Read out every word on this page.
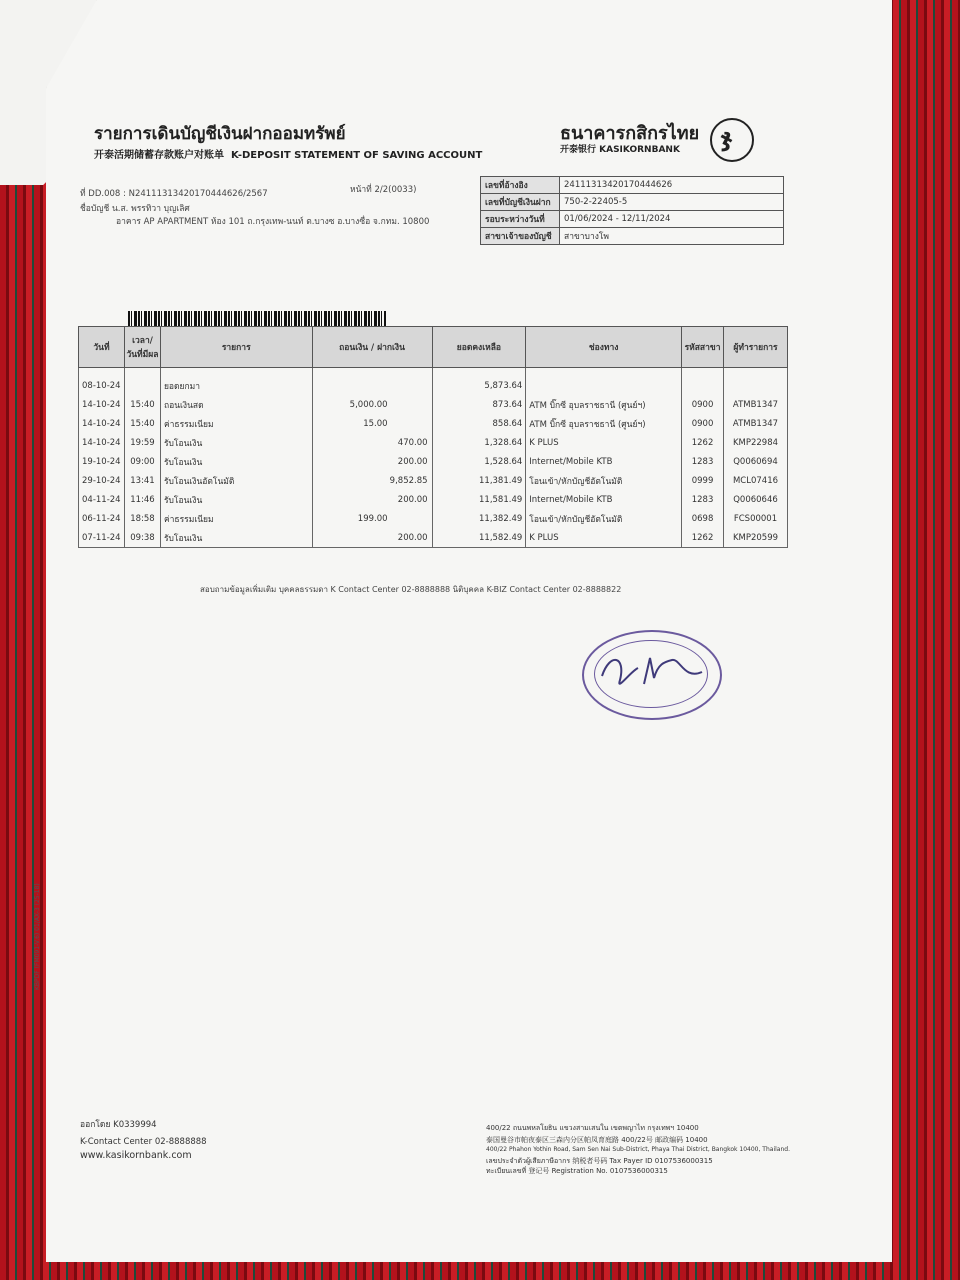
รายการเดินบัญชีเงินฝากออมทรัพย์
开泰活期储蓄存款账户对账单 K-DEPOSIT STATEMENT OF SAVING ACCOUNT
ธนาคารกสิกรไทย
开泰银行 KASIKORNBANK ჯ
ที่ DD.008 : N241113134201704446​26/2567	หน้าที่ 2/2(0033)
ชื่อบัญชี น.ส. พรรทิวา บุญเลิศ
อาคาร AP APARTMENT ห้อง 101 ถ.กรุงเทพ-นนท์ ต.บางซ อ.บางซื่อ จ.กทม. 10800
เลขที่อ้างอิง	241113134201704446​26
เลขที่บัญชีเงินฝาก	750-2-22405-5
รอบระหว่างวันที่	01/06/2024 - 12/11/2024
สาขาเจ้าของบัญชี	สาขาบางโพ
วันที่	เวลา/ วันที่มีผล	รายการ	ถอนเงิน / ฝากเงิน	ยอดคงเหลือ	ช่องทาง	รหัสสาขา	ผู้ทำรายการ

08-10-24		ยอดยกมา		5,873.64			
14-10-24	15:40	ถอนเงินสด	5,000.00	873.64	ATM บิ๊กซี อุบลราชธานี (ศูนย์ฯ)	0900	ATMB1347
14-10-24	15:40	ค่าธรรมเนียม	15.00	858.64	ATM บิ๊กซี อุบลราชธานี (ศูนย์ฯ)	0900	ATMB1347
14-10-24	19:59	รับโอนเงิน	470.00	1,328.64	K PLUS	1262	KMP22984
19-10-24	09:00	รับโอนเงิน	200.00	1,528.64	Internet/Mobile KTB	1283	Q0060694
29-10-24	13:41	รับโอนเงินอัตโนมัติ	9,852.85	11,381.49	โอนเข้า/หักบัญชีอัตโนมัติ	0999	MCL07416
04-11-24	11:46	รับโอนเงิน	200.00	11,581.49	Internet/Mobile KTB	1283	Q0060646
06-11-24	18:58	ค่าธรรมเนียม	199.00	11,382.49	โอนเข้า/หักบัญชีอัตโนมัติ	0698	FCS00001
07-11-24	09:38	รับโอนเงิน	200.00	11,582.49	K PLUS	1262	KMP20599
สอบถามข้อมูลเพิ่มเติม บุคคลธรรมดา K Contact Center 02-8888888 นิติบุคคล K-BIZ Contact Center 02-8888822
KBPDF (FM091-V.6) 01/AX-3 (25-18)
ออกโดย K0339994
K-Contact Center 02-8888888
www.kasikornbank.com
400/22 ถนนพหลโยธิน แขวงสามเสนใน เขตพญาไท กรุงเทพฯ 10400
泰国曼谷市帕夜泰区三森内分区帕凤育庭路 400/22号 邮政编码 10400
400/22 Phahon Yothin Road, Sam Sen Nai Sub-District, Phaya Thai District, Bangkok 10400, Thailand.
เลขประจำตัวผู้เสียภาษีอากร 纳税者号码 Tax Payer ID 0107536000315
ทะเบียนเลขที่ 登记号 Registration No. 0107536000315
